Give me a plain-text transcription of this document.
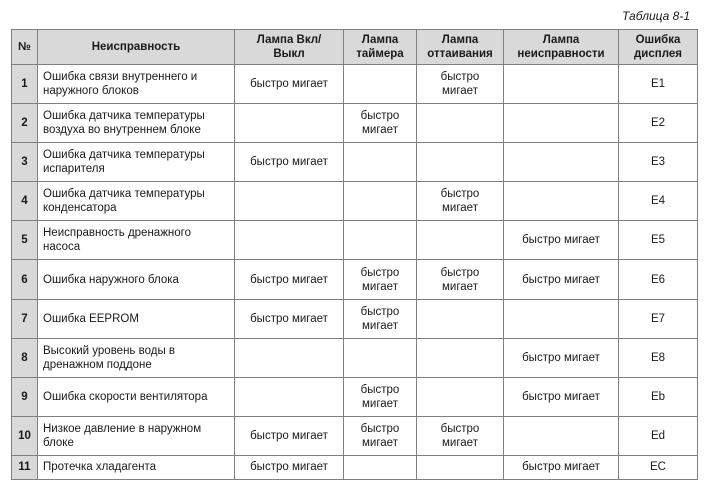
Таблица 8-1
№	Неисправность	Лампа Вкл/ Выкл	Лампа таймера	Лампа оттаивания	Лампа неисправности	Ошибка дисплея
1	Ошибка связи внутреннего и наружного блоков	быстро мигает		быстро мигает		E1
2	Ошибка датчика температуры воздуха во внутреннем блоке		быстро мигает			E2
3	Ошибка датчика температуры испарителя	быстро мигает				E3
4	Ошибка датчика температуры конденсатора			быстро мигает		E4
5	Неисправность дренажного насоса				быстро мигает	E5
6	Ошибка наружного блока	быстро мигает	быстро мигает	быстро мигает	быстро мигает	E6
7	Ошибка EEPROM	быстро мигает	быстро мигает			E7
8	Высокий уровень воды в дренажном поддоне				быстро мигает	E8
9	Ошибка скорости вентилятора		быстро мигает		быстро мигает	Eb
10	Низкое давление в наружном блоке	быстро мигает	быстро мигает	быстро мигает		Ed
11	Протечка хладагента	быстро мигает			быстро мигает	EC
